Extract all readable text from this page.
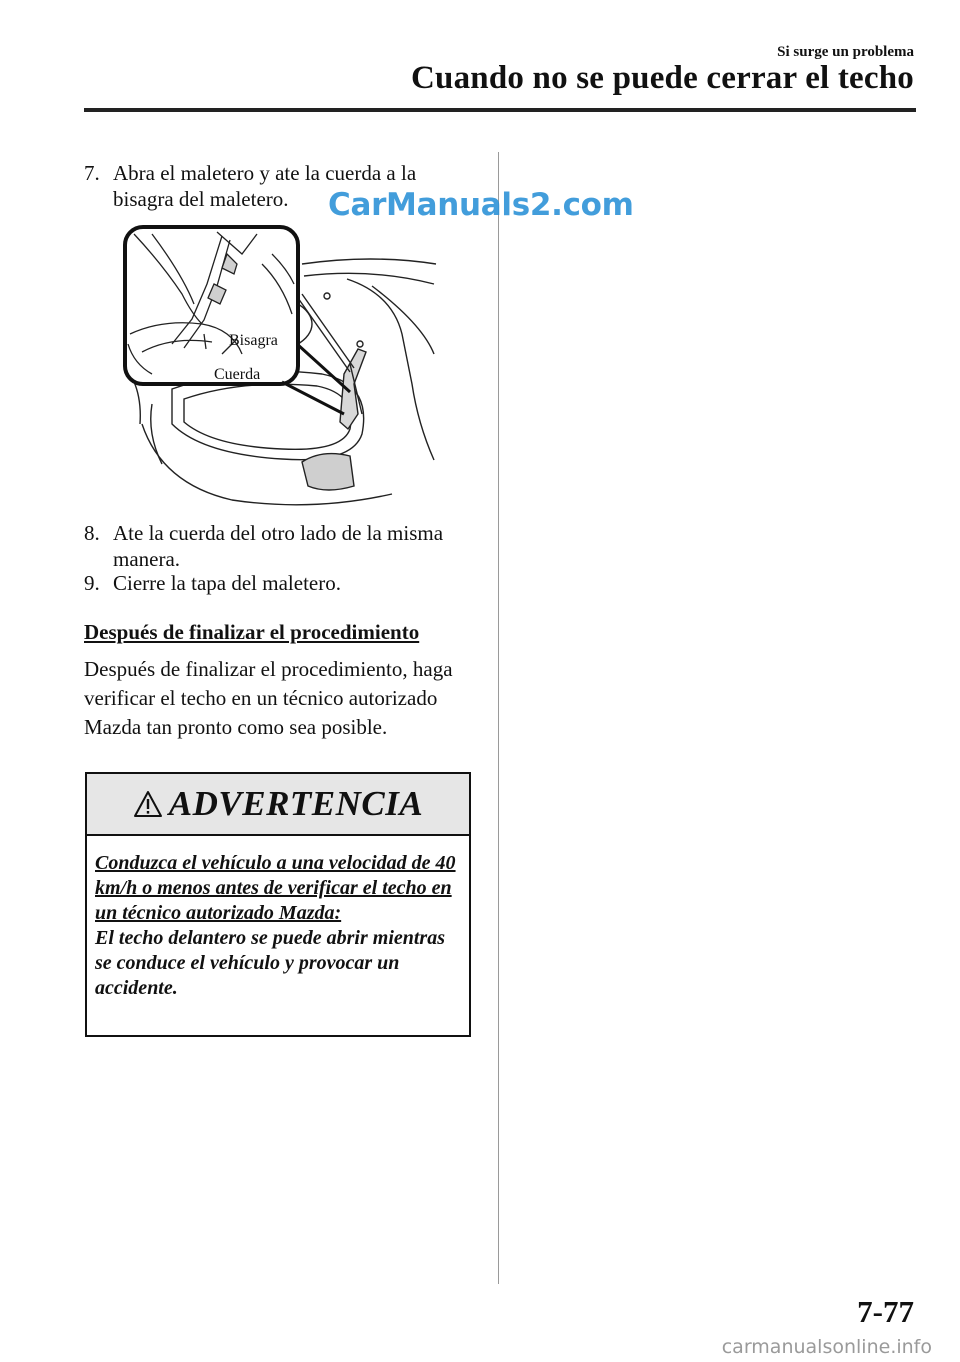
Si surge un problema
Cuando no se puede cerrar el techo
7. Abra el maletero y ate la cuerda a la bisagra del maletero.	CarManuals2.com
Bisagra
Cuerda
8. Ate la cuerda del otro lado de la misma manera.
9. Cierre la tapa del maletero.
Después de finalizar el procedimiento
Después de finalizar el procedimiento, haga verificar el techo en un técnico autorizado Mazda tan pronto como sea posible.
ADVERTENCIA
Conduzca el vehículo a una velocidad de 40 km/h o menos antes de verificar el techo en un técnico autorizado Mazda:
El techo delantero se puede abrir mientras se conduce el vehículo y provocar un accidente.
7-77
carmanualsonline.info
